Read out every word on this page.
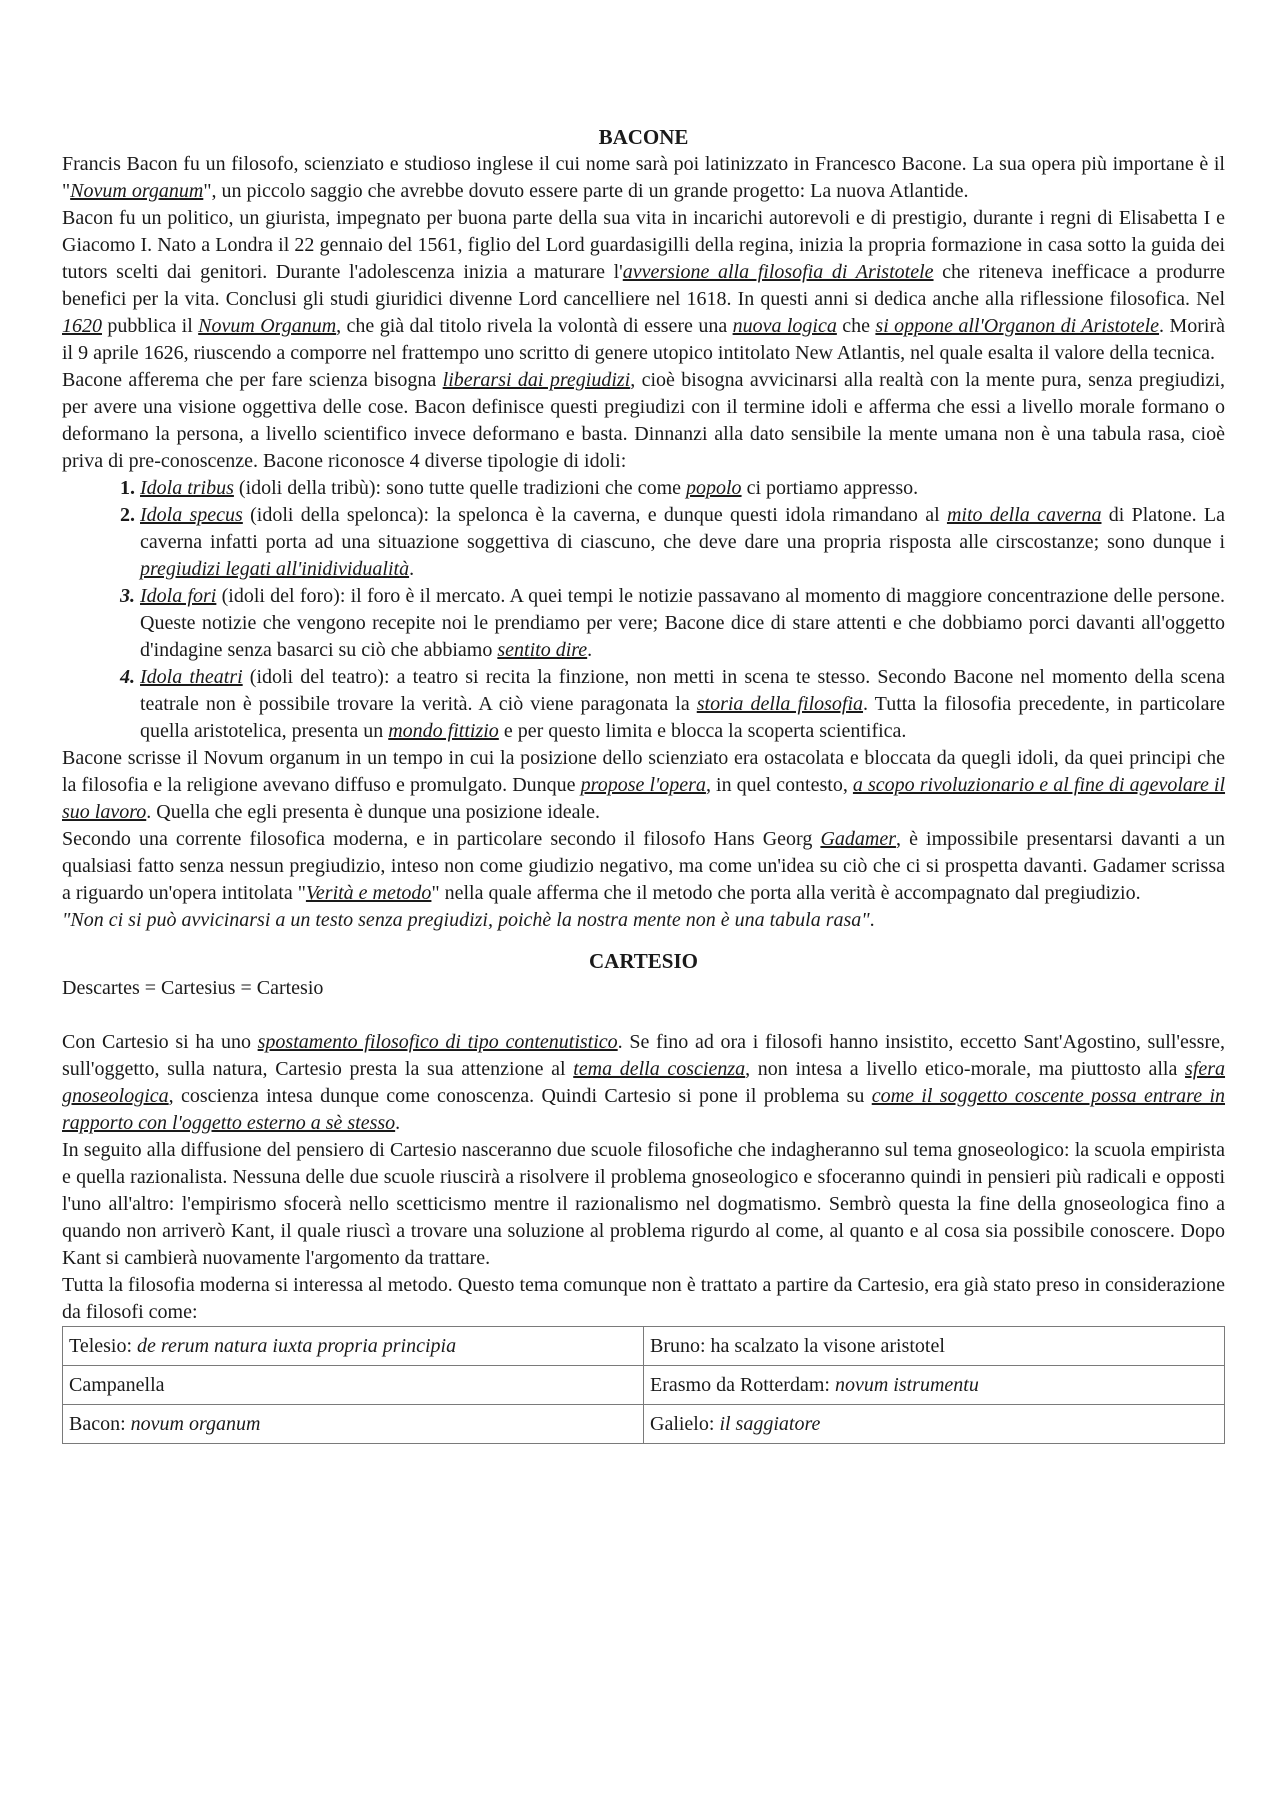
BACONE

Francis Bacon fu un filosofo, scienziato e studioso inglese il cui nome sarà poi latinizzato in Francesco Bacone. La sua opera più importane è il "Novum organum", un piccolo saggio che avrebbe dovuto essere parte di un grande progetto: La nuova Atlantide.

Bacon fu un politico, un giurista, impegnato per buona parte della sua vita in incarichi autorevoli e di prestigio, durante i regni di Elisabetta I e Giacomo I. Nato a Londra il 22 gennaio del 1561, figlio del Lord guardasigilli della regina, inizia la propria formazione in casa sotto la guida dei tutors scelti dai genitori. Durante l'adolescenza inizia a maturare l'avversione alla filosofia di Aristotele che riteneva inefficace a produrre benefici per la vita. Conclusi gli studi giuridici divenne Lord cancelliere nel 1618. In questi anni si dedica anche alla riflessione filosofica. Nel 1620 pubblica il Novum Organum, che già dal titolo rivela la volontà di essere una nuova logica che si oppone all'Organon di Aristotele. Morirà il 9 aprile 1626, riuscendo a comporre nel frattempo uno scritto di genere utopico intitolato New Atlantis, nel quale esalta il valore della tecnica.

Bacone afferema che per fare scienza bisogna liberarsi dai pregiudizi, cioè bisogna avvicinarsi alla realtà con la mente pura, senza pregiudizi, per avere una visione oggettiva delle cose. Bacon definisce questi pregiudizi con il termine idoli e afferma che essi a livello morale formano o deformano la persona, a livello scientifico invece deformano e basta. Dinnanzi alla dato sensibile la mente umana non è una tabula rasa, cioè priva di pre-conoscenze. Bacone riconosce 4 diverse tipologie di idoli:

1. Idola tribus (idoli della tribù): sono tutte quelle tradizioni che come popolo ci portiamo appresso.
2. Idola specus (idoli della spelonca): la spelonca è la caverna, e dunque questi idola rimandano al mito della caverna di Platone. La caverna infatti porta ad una situazione soggettiva di ciascuno, che deve dare una propria risposta alle cirscostanze; sono dunque i pregiudizi legati all'inidividualità.
3. Idola fori (idoli del foro): il foro è il mercato. A quei tempi le notizie passavano al momento di maggiore concentrazione delle persone. Queste notizie che vengono recepite noi le prendiamo per vere; Bacone dice di stare attenti e che dobbiamo porci davanti all'oggetto d'indagine senza basarci su ciò che abbiamo sentito dire.
4. Idola theatri (idoli del teatro): a teatro si recita la finzione, non metti in scena te stesso. Secondo Bacone nel momento della scena teatrale non è possibile trovare la verità. A ciò viene paragonata la storia della filosofia. Tutta la filosofia precedente, in particolare quella aristotelica, presenta un mondo fittizio e per questo limita e blocca la scoperta scientifica.

Bacone scrisse il Novum organum in un tempo in cui la posizione dello scienziato era ostacolata e bloccata da quegli idoli, da quei principi che la filosofia e la religione avevano diffuso e promulgato. Dunque propose l'opera, in quel contesto, a scopo rivoluzionario e al fine di agevolare il suo lavoro. Quella che egli presenta è dunque una posizione ideale.

Secondo una corrente filosofica moderna, e in particolare secondo il filosofo Hans Georg Gadamer, è impossibile presentarsi davanti a un qualsiasi fatto senza nessun pregiudizio, inteso non come giudizio negativo, ma come un'idea su ciò che ci si prospetta davanti. Gadamer scrissa a riguardo un'opera intitolata "Verità e metodo" nella quale afferma che il metodo che porta alla verità è accompagnato dal pregiudizio.

"Non ci si può avvicinarsi a un testo senza pregiudizi, poichè la nostra mente non è una tabula rasa".

CARTESIO

Descartes = Cartesius = Cartesio

Con Cartesio si ha uno spostamento filosofico di tipo contenutistico. Se fino ad ora i filosofi hanno insistito, eccetto Sant'Agostino, sull'essre, sull'oggetto, sulla natura, Cartesio presta la sua attenzione al tema della coscienza, non intesa a livello etico-morale, ma piuttosto alla sfera gnoseologica, coscienza intesa dunque come conoscenza. Quindi Cartesio si pone il problema su come il soggetto coscente possa entrare in rapporto con l'oggetto esterno a sè stesso.

In seguito alla diffusione del pensiero di Cartesio nasceranno due scuole filosofiche che indagheranno sul tema gnoseologico: la scuola empirista e quella razionalista. Nessuna delle due scuole riuscirà a risolvere il problema gnoseologico e sfoceranno quindi in pensieri più radicali e opposti l'uno all'altro: l'empirismo sfocerà nello scetticismo mentre il razionalismo nel dogmatismo. Sembrò questa la fine della gnoseologica fino a quando non arriverò Kant, il quale riuscì a trovare una soluzione al problema rigurdo al come, al quanto e al cosa sia possibile conoscere. Dopo Kant si cambierà nuovamente l'argomento da trattare.

Tutta la filosofia moderna si interessa al metodo. Questo tema comunque non è trattato a partire da Cartesio, era già stato preso in considerazione da filosofi come:

Telesio: de rerum natura iuxta propria principia	Bruno: ha scalzato la visone aristotel
Campanella	Erasmo da Rotterdam: novum istrumentu
Bacon: novum organum	Galielo: il saggiatore
